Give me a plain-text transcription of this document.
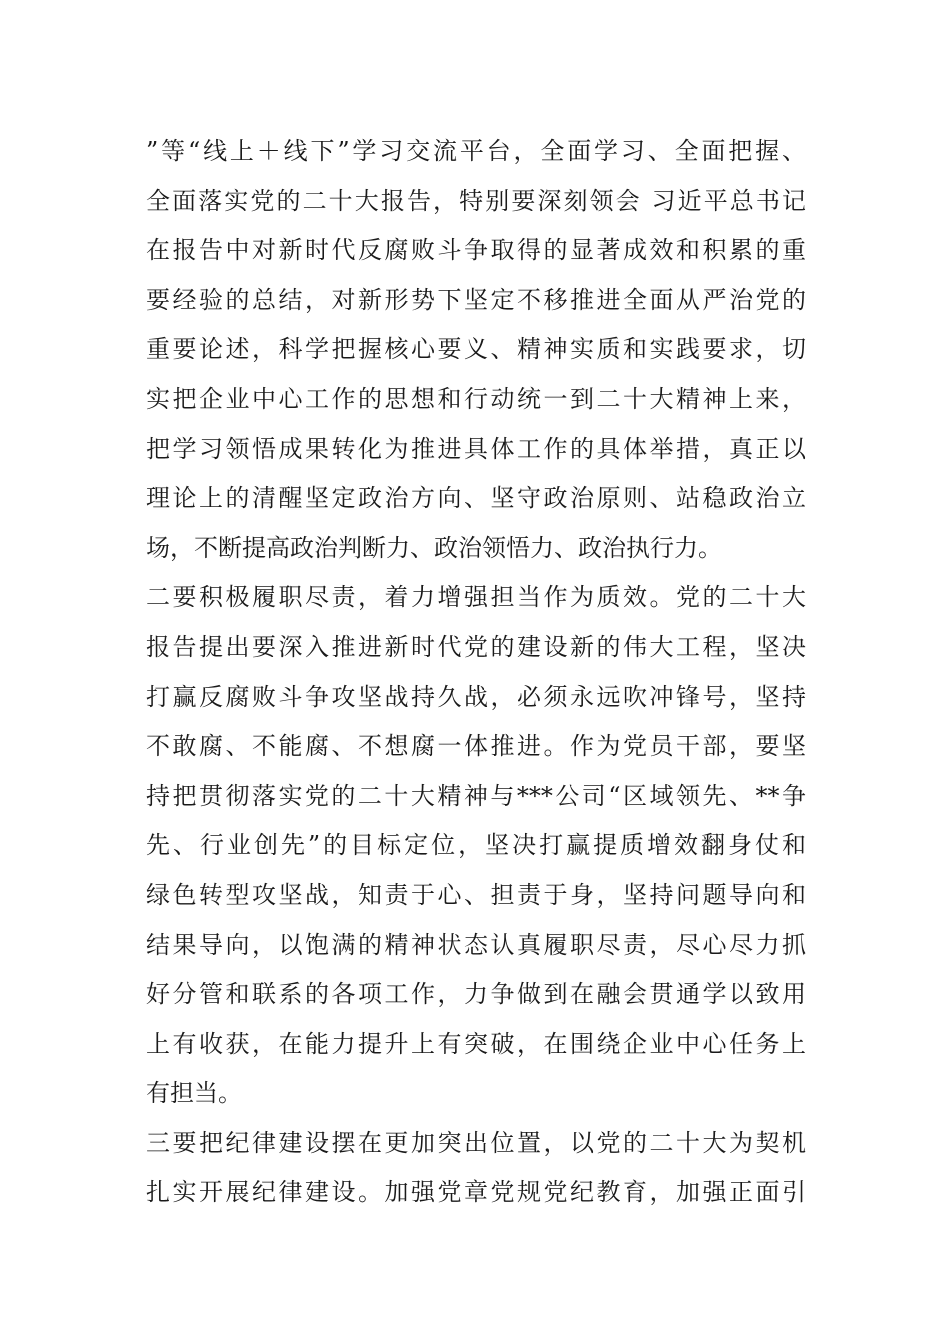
”等“线上＋线下”学习交流平台，全面学习、全面把握、
全面落实党的二十大报告，特别要深刻领会 习近平总书记
在报告中对新时代反腐败斗争取得的显著成效和积累的重
要经验的总结，对新形势下坚定不移推进全面从严治党的
重要论述，科学把握核心要义、精神实质和实践要求，切
实把企业中心工作的思想和行动统一到二十大精神上来，
把学习领悟成果转化为推进具体工作的具体举措，真正以
理论上的清醒坚定政治方向、坚守政治原则、站稳政治立
场，不断提高政治判断力、政治领悟力、政治执行力。
二要积极履职尽责，着力增强担当作为质效。党的二十大
报告提出要深入推进新时代党的建设新的伟大工程，坚决
打赢反腐败斗争攻坚战持久战，必须永远吹冲锋号，坚持
不敢腐、不能腐、不想腐一体推进。作为党员干部，要坚
持把贯彻落实党的二十大精神与***公司“区域领先、**争
先、行业创先”的目标定位，坚决打赢提质增效翻身仗和
绿色转型攻坚战，知责于心、担责于身，坚持问题导向和
结果导向，以饱满的精神状态认真履职尽责，尽心尽力抓
好分管和联系的各项工作，力争做到在融会贯通学以致用
上有收获，在能力提升上有突破，在围绕企业中心任务上
有担当。
三要把纪律建设摆在更加突出位置，以党的二十大为契机
扎实开展纪律建设。加强党章党规党纪教育，加强正面引
